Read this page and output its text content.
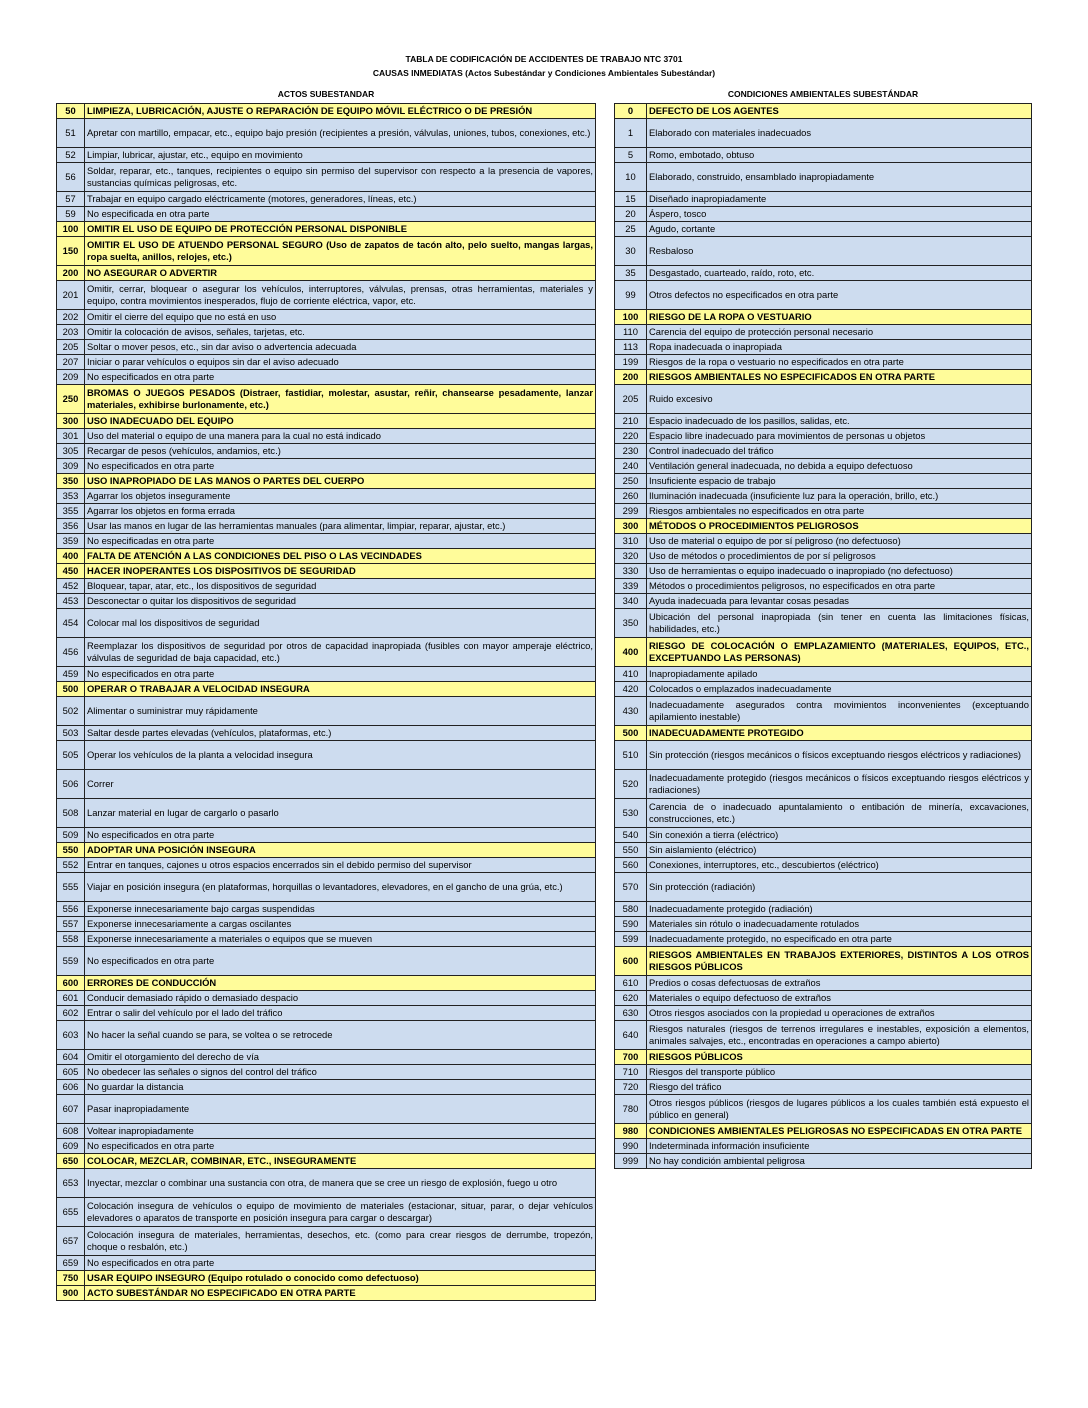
TABLA DE CODIFICACIÓN DE ACCIDENTES DE TRABAJO NTC 3701
CAUSAS INMEDIATAS (Actos Subestándar y Condiciones Ambientales Subestándar)
ACTOS SUBESTANDAR	CONDICIONES AMBIENTALES SUBESTÁNDAR
50	LIMPIEZA, LUBRICACIÓN, AJUSTE O REPARACIÓN DE EQUIPO MÓVIL ELÉCTRICO O DE PRESIÓN
51	Apretar con martillo, empacar, etc., equipo bajo presión (recipientes a presión, válvulas, uniones, tubos, conexiones, etc.)
52	Limpiar, lubricar, ajustar, etc., equipo en movimiento
56	Soldar, reparar, etc., tanques, recipientes o equipo sin permiso del supervisor con respecto a la presencia de vapores, sustancias químicas peligrosas, etc.
57	Trabajar en equipo cargado eléctricamente (motores, generadores, líneas, etc.)
59	No especificada en otra parte
100	OMITIR EL USO DE EQUIPO DE PROTECCIÓN PERSONAL DISPONIBLE
150	OMITIR EL USO DE ATUENDO PERSONAL SEGURO (Uso de zapatos de tacón alto, pelo suelto, mangas largas, ropa suelta, anillos, relojes, etc.)
200	NO ASEGURAR O ADVERTIR
201	Omitir, cerrar, bloquear o asegurar los vehículos, interruptores, válvulas, prensas, otras herramientas, materiales y equipo, contra movimientos inesperados, flujo de corriente eléctrica, vapor, etc.
202	Omitir el cierre del equipo que no está en uso
203	Omitir la colocación de avisos, señales, tarjetas, etc.
205	Soltar o mover pesos, etc., sin dar aviso o advertencia adecuada
207	Iniciar o parar vehículos o equipos sin dar el aviso adecuado
209	No especificados en otra parte
250	BROMAS O JUEGOS PESADOS (Distraer, fastidiar, molestar, asustar, reñir, chansearse pesadamente, lanzar materiales, exhibirse burlonamente, etc.)
300	USO INADECUADO DEL EQUIPO
301	Uso del material o equipo de una manera para la cual no está indicado
305	Recargar de pesos (vehículos, andamios, etc.)
309	No especificados en otra parte
350	USO INAPROPIADO DE LAS MANOS O PARTES DEL CUERPO
353	Agarrar los objetos inseguramente
355	Agarrar los objetos en forma errada
356	Usar las manos en lugar de las herramientas manuales (para alimentar, limpiar, reparar, ajustar, etc.)
359	No especificadas en otra parte
400	FALTA DE ATENCIÓN A LAS CONDICIONES DEL PISO O LAS VECINDADES
450	HACER INOPERANTES LOS DISPOSITIVOS DE SEGURIDAD
452	Bloquear, tapar, atar, etc., los dispositivos de seguridad
453	Desconectar o quitar los dispositivos de seguridad
454	Colocar mal los dispositivos de seguridad
456	Reemplazar los dispositivos de seguridad por otros de capacidad inapropiada (fusibles con mayor amperaje eléctrico, válvulas de seguridad de baja capacidad, etc.)
459	No especificados en otra parte
500	OPERAR O TRABAJAR A VELOCIDAD INSEGURA
502	Alimentar o suministrar muy rápidamente
503	Saltar desde partes elevadas (vehículos, plataformas, etc.)
505	Operar los vehículos de la planta a velocidad insegura
506	Correr
508	Lanzar material en lugar de cargarlo o pasarlo
509	No especificados en otra parte
550	ADOPTAR UNA POSICIÓN INSEGURA
552	Entrar en tanques, cajones u otros espacios encerrados sin el debido permiso del supervisor
555	Viajar en posición insegura (en plataformas, horquillas o levantadores, elevadores, en el gancho de una grúa, etc.)
556	Exponerse innecesariamente bajo cargas suspendidas
557	Exponerse innecesariamente a cargas oscilantes
558	Exponerse innecesariamente a materiales o equipos que se mueven
559	No especificados en otra parte
600	ERRORES DE CONDUCCIÓN
601	Conducir demasiado rápido o demasiado despacio
602	Entrar o salir del vehículo por el lado del tráfico
603	No hacer la señal cuando se para, se voltea o se retrocede
604	Omitir el otorgamiento del derecho de vía
605	No obedecer las señales o signos del control del tráfico
606	No guardar la distancia
607	Pasar inapropiadamente
608	Voltear inapropiadamente
609	No especificados en otra parte
650	COLOCAR, MEZCLAR, COMBINAR, ETC., INSEGURAMENTE
653	Inyectar, mezclar o combinar una sustancia con otra, de manera que se cree un riesgo de explosión, fuego u otro
655	Colocación insegura de vehículos o equipo de movimiento de materiales (estacionar, situar, parar, o dejar vehículos elevadores o aparatos de transporte en posición insegura para cargar o descargar)
657	Colocación insegura de materiales, herramientas, desechos, etc. (como para crear riesgos de derrumbe, tropezón, choque o resbalón, etc.)
659	No especificados en otra parte
750	USAR EQUIPO INSEGURO (Equipo rotulado o conocido como defectuoso)
900	ACTO SUBESTÁNDAR NO ESPECIFICADO EN OTRA PARTE
0	DEFECTO DE LOS AGENTES
1	Elaborado con materiales inadecuados
5	Romo, embotado, obtuso
10	Elaborado, construido, ensamblado inapropiadamente
15	Diseñado inapropiadamente
20	Áspero, tosco
25	Agudo, cortante
30	Resbaloso
35	Desgastado, cuarteado, raído, roto, etc.
99	Otros defectos no especificados en otra parte
100	RIESGO DE LA ROPA O VESTUARIO
110	Carencia del equipo de protección personal necesario
113	Ropa inadecuada o inapropiada
199	Riesgos de la ropa o vestuario no especificados en otra parte
200	RIESGOS AMBIENTALES NO ESPECIFICADOS EN OTRA PARTE
205	Ruido excesivo
210	Espacio inadecuado de los pasillos, salidas, etc.
220	Espacio libre inadecuado para movimientos de personas u objetos
230	Control inadecuado del tráfico
240	Ventilación general inadecuada, no debida a equipo defectuoso
250	Insuficiente espacio de trabajo
260	Iluminación inadecuada (insuficiente luz para la operación, brillo, etc.)
299	Riesgos ambientales no especificados en otra parte
300	MÉTODOS O PROCEDIMIENTOS PELIGROSOS
310	Uso de material o equipo de por sí peligroso (no defectuoso)
320	Uso de métodos o procedimientos de por sí peligrosos
330	Uso de herramientas o equipo inadecuado o inapropiado (no defectuoso)
339	Métodos o procedimientos peligrosos, no especificados en otra parte
340	Ayuda inadecuada para levantar cosas pesadas
350	Ubicación del personal inapropiada (sin tener en cuenta las limitaciones físicas, habilidades, etc.)
400	RIESGO DE COLOCACIÓN O EMPLAZAMIENTO (MATERIALES, EQUIPOS, ETC., EXCEPTUANDO LAS PERSONAS)
410	Inapropiadamente apilado
420	Colocados o emplazados inadecuadamente
430	Inadecuadamente asegurados contra movimientos inconvenientes (exceptuando apilamiento inestable)
500	INADECUADAMENTE PROTEGIDO
510	Sin protección (riesgos mecánicos o físicos exceptuando riesgos eléctricos y radiaciones)
520	Inadecuadamente protegido (riesgos mecánicos o físicos exceptuando riesgos eléctricos y radiaciones)
530	Carencia de o inadecuado apuntalamiento o entibación de minería, excavaciones, construcciones, etc.)
540	Sin conexión a tierra (eléctrico)
550	Sin aislamiento (eléctrico)
560	Conexiones, interruptores, etc., descubiertos (eléctrico)
570	Sin protección (radiación)
580	Inadecuadamente protegido (radiación)
590	Materiales sin rótulo o inadecuadamente rotulados
599	Inadecuadamente protegido, no especificado en otra parte
600	RIESGOS AMBIENTALES EN TRABAJOS EXTERIORES, DISTINTOS A LOS OTROS RIESGOS PÚBLICOS
610	Predios o cosas defectuosas de extraños
620	Materiales o equipo defectuoso de extraños
630	Otros riesgos asociados con la propiedad u operaciones de extraños
640	Riesgos naturales (riesgos de terrenos irregulares e inestables, exposición a elementos, animales salvajes, etc., encontradas en operaciones a campo abierto)
700	RIESGOS PÚBLICOS
710	Riesgos del transporte público
720	Riesgo del tráfico
780	Otros riesgos públicos (riesgos de lugares públicos a los cuales también está expuesto el público en general)
980	CONDICIONES AMBIENTALES PELIGROSAS NO ESPECIFICADAS EN OTRA PARTE
990	Indeterminada información insuficiente
999	No hay condición ambiental peligrosa
